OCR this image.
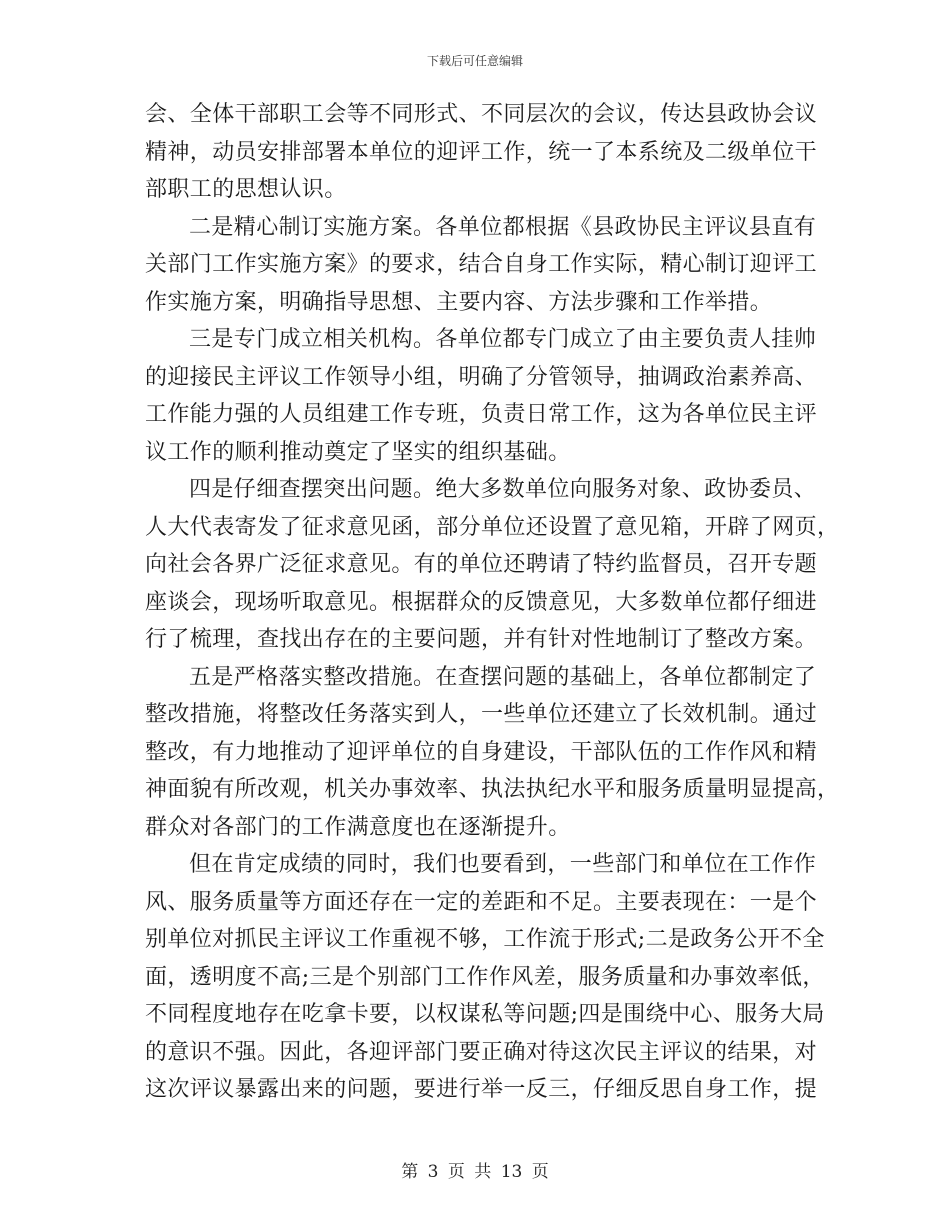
下载后可任意编辑
会、全体干部职工会等不同形式、不同层次的会议，传达县政协会议
精神，动员安排部署本单位的迎评工作，统一了本系统及二级单位干
部职工的思想认识。
二是精心制订实施方案。各单位都根据《县政协民主评议县直有
关部门工作实施方案》的要求，结合自身工作实际，精心制订迎评工
作实施方案，明确指导思想、主要内容、方法步骤和工作举措。
三是专门成立相关机构。各单位都专门成立了由主要负责人挂帅
的迎接民主评议工作领导小组，明确了分管领导，抽调政治素养高、
工作能力强的人员组建工作专班，负责日常工作，这为各单位民主评
议工作的顺利推动奠定了坚实的组织基础。
四是仔细查摆突出问题。绝大多数单位向服务对象、政协委员、
人大代表寄发了征求意见函，部分单位还设置了意见箱，开辟了网页，
向社会各界广泛征求意见。有的单位还聘请了特约监督员，召开专题
座谈会，现场听取意见。根据群众的反馈意见，大多数单位都仔细进
行了梳理，查找出存在的主要问题，并有针对性地制订了整改方案。
五是严格落实整改措施。在查摆问题的基础上，各单位都制定了
整改措施，将整改任务落实到人，一些单位还建立了长效机制。通过
整改，有力地推动了迎评单位的自身建设，干部队伍的工作作风和精
神面貌有所改观，机关办事效率、执法执纪水平和服务质量明显提高，
群众对各部门的工作满意度也在逐渐提升。
但在肯定成绩的同时，我们也要看到，一些部门和单位在工作作
风、服务质量等方面还存在一定的差距和不足。主要表现在：一是个
别单位对抓民主评议工作重视不够，工作流于形式;二是政务公开不全
面，透明度不高;三是个别部门工作作风差，服务质量和办事效率低，
不同程度地存在吃拿卡要，以权谋私等问题;四是围绕中心、服务大局
的意识不强。因此，各迎评部门要正确对待这次民主评议的结果，对
这次评议暴露出来的问题，要进行举一反三，仔细反思自身工作，提
第 3 页 共 13 页
